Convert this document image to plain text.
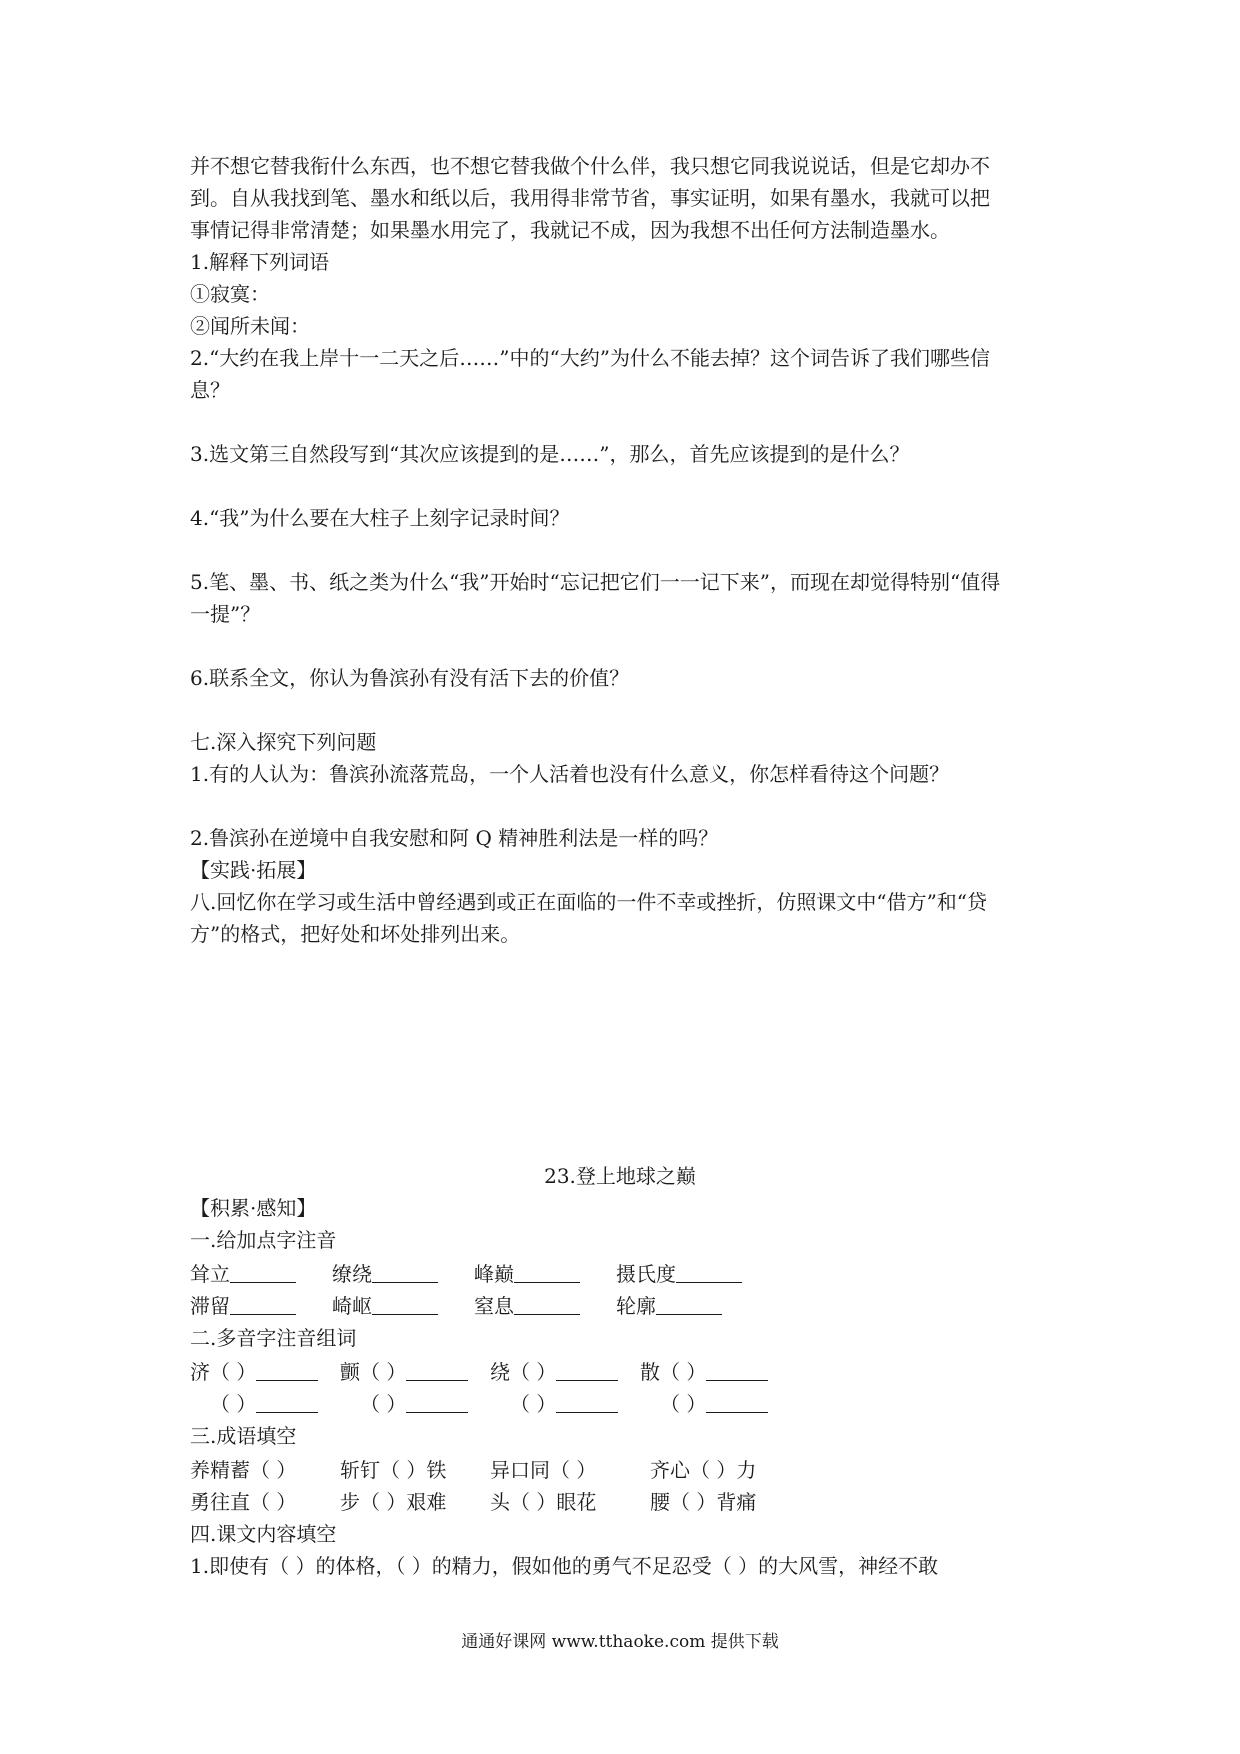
并不想它替我衔什么东西，也不想它替我做个什么伴，我只想它同我说说话，但是它却办不
到。自从我找到笔、墨水和纸以后，我用得非常节省，事实证明，如果有墨水，我就可以把
事情记得非常清楚；如果墨水用完了，我就记不成，因为我想不出任何方法制造墨水。
1.解释下列词语
①寂寞：
②闻所未闻：
2.“大约在我上岸十一二天之后……”中的“大约”为什么不能去掉？这个词告诉了我们哪些信
息？
3.选文第三自然段写到“其次应该提到的是……”，那么，首先应该提到的是什么？
4.“我”为什么要在大柱子上刻字记录时间？
5.笔、墨、书、纸之类为什么“我”开始时“忘记把它们一一记下来”，而现在却觉得特别“值得
一提”？
6.联系全文，你认为鲁滨孙有没有活下去的价值？
七.深入探究下列问题
1.有的人认为：鲁滨孙流落荒岛，一个人活着也没有什么意义，你怎样看待这个问题？
2.鲁滨孙在逆境中自我安慰和阿 Q 精神胜利法是一样的吗？
【实践·拓展】
八.回忆你在学习或生活中曾经遇到或正在面临的一件不幸或挫折，仿照课文中“借方”和“贷
方”的格式，把好处和坏处排列出来。
23.登上地球之巅
【积累·感知】
一.给加点字注音
耸立	缭绕	峰巅	摄氏度
滞留	崎岖	窒息	轮廓
二.多音字注音组词
济（ ）	颤（ ）	绕（ ）	散（ ）
（ ）	（ ）	（ ）	（ ）
三.成语填空
养精蓄（ ） 斩钉（ ）铁 异口同（ ）	齐心（ ）力
勇往直（ ） 步（ ）艰难 头（ ）眼花	腰（ ）背痛
四.课文内容填空
1.即使有（ ）的体格，（ ）的精力，假如他的勇气不足忍受（ ）的大风雪，神经不敢
通通好课网 www.tthaoke.com 提供下载
